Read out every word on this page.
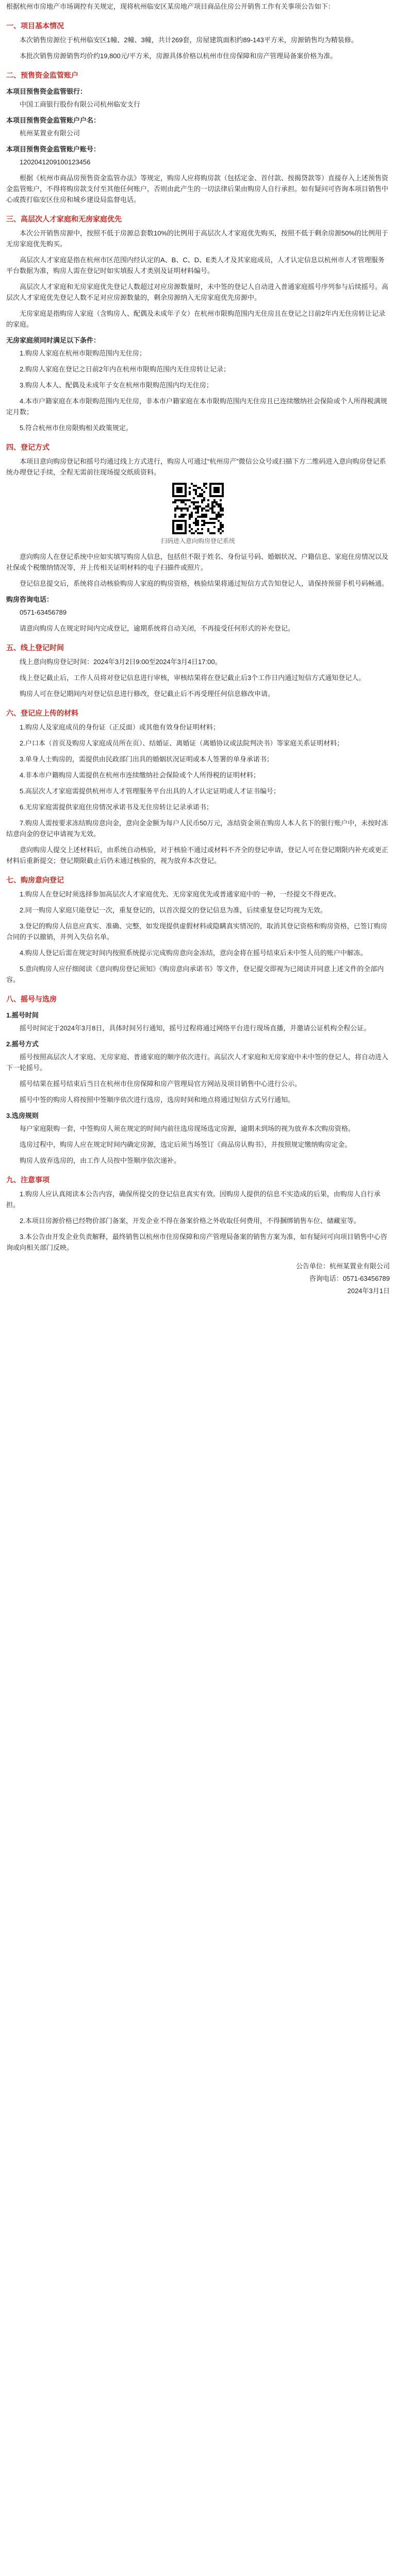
根据杭州市房地产市场调控有关规定，现将杭州临安区某房地产项目商品住房公开销售工作有关事项公告如下：

一、项目基本情况

本次销售房源位于杭州临安区1幢、2幢、3幢，共计269套，房屋建筑面积约89-143平方米，房源销售均为精装修。

本批次销售房源销售均价约19,800元/平方米，房源具体价格以杭州市住房保障和房产管理局备案价格为准。

二、预售资金监管账户
本项目预售资金监管银行：

中国工商银行股份有限公司杭州临安支行

本项目预售资金监管账户户名：

杭州某置业有限公司

本项目预售资金监管账户账号：

1202041209100123456

根据《杭州市商品房预售资金监管办法》等规定，购房人应将购房款（包括定金、首付款、按揭贷款等）直接存入上述预售资金监管账户，不得将购房款支付至其他任何账户，否则由此产生的一切法律后果由购房人自行承担。如有疑问可咨询本项目销售中心或拨打临安区住房和城乡建设局监督电话。

三、高层次人才家庭和无房家庭优先

本次公开销售房源中，按照不低于房源总套数10%的比例用于高层次人才家庭优先购买，按照不低于剩余房源50%的比例用于无房家庭优先购买。

高层次人才家庭是指在杭州市区范围内经认定的A、B、C、D、E类人才及其家庭成员，人才认定信息以杭州市人才管理服务平台数据为准，购房人需在登记时如实填报人才类别及证明材料编号。

高层次人才家庭和无房家庭优先登记人数超过对应房源数量时，未中签的登记人自动进入普通家庭摇号序列参与后续摇号。高层次人才家庭优先登记人数不足对应房源数量的，剩余房源纳入无房家庭优先房源中。

无房家庭是指购房人家庭（含购房人、配偶及未成年子女）在杭州市限购范围内无住房且在登记之日前2年内无住房转让记录的家庭。

无房家庭须同时满足以下条件：

1.购房人家庭在杭州市限购范围内无住房；

2.购房人家庭在登记之日前2年内在杭州市限购范围内无住房转让记录；

3.购房人本人、配偶及未成年子女在杭州市限购范围内均无住房；

4.本市户籍家庭在本市限购范围内无住房，非本市户籍家庭在本市限购范围内无住房且已连续缴纳社会保险或个人所得税满规定月数；

5.符合杭州市住房限购相关政策规定。

四、登记方式

本项目意向购房登记和摇号均通过线上方式进行，购房人可通过“杭州房产”微信公众号或扫描下方二维码进入意向购房登记系统办理登记手续，全程无需前往现场提交纸质资料。

扫码进入意向购房登记系统

意向购房人在登记系统中应如实填写购房人信息，包括但不限于姓名、身份证号码、婚姻状况、户籍信息、家庭住房情况以及社保或个税缴纳情况等，并上传相关证明材料的电子扫描件或照片。

登记信息提交后，系统将自动核验购房人家庭的购房资格，核验结果将通过短信方式告知登记人，请保持预留手机号码畅通。

购房咨询电话：

0571-63456789

请意向购房人在规定时间内完成登记，逾期系统将自动关闭，不再接受任何形式的补充登记。

五、线上登记时间

线上意向购房登记时间：2024年3月2日9:00至2024年3月4日17:00。

线上登记截止后，工作人员将对登记信息进行审核，审核结果将在登记截止后3个工作日内通过短信方式通知登记人。

购房人可在登记期间内对登记信息进行修改，登记截止后不再受理任何信息修改申请。

六、登记应上传的材料

1.购房人及家庭成员的身份证（正反面）或其他有效身份证明材料；

2.户口本（首页及购房人家庭成员所在页）、结婚证、离婚证（离婚协议或法院判决书）等家庭关系证明材料；

3.单身人士购房的，需提供由民政部门出具的婚姻状况证明或本人签署的单身承诺书；

4.非本市户籍购房人需提供在杭州市连续缴纳社会保险或个人所得税的证明材料；

5.高层次人才家庭需提供杭州市人才管理服务平台出具的人才认定证明或人才证书编号；

6.无房家庭需提供家庭住房情况承诺书及无住房转让记录承诺书；

7.购房人需按要求冻结购房意向金，意向金金额为每户人民币50万元，冻结资金须在购房人本人名下的银行账户中，未按时冻结意向金的登记申请视为无效。

意向购房人提交上述材料后，由系统自动核验，对于核验不通过或材料不齐全的登记申请，登记人可在登记期限内补充或更正材料后重新提交；登记期限截止后仍未通过核验的，视为放弃本次登记。

七、购房意向登记

1.购房人在登记时须选择参加高层次人才家庭优先、无房家庭优先或普通家庭中的一种，一经提交不得更改。

2.同一购房人家庭只能登记一次，重复登记的，以首次提交的登记信息为准，后续重复登记均视为无效。

3.登记的购房人信息应真实、准确、完整，如发现提供虚假材料或隐瞒真实情况的，取消其登记资格和购房资格，已签订购房合同的予以撤销，并列入失信名单。

4.购房人登记后需在规定时间内按照系统提示完成购房意向金冻结，意向金将在摇号结束后未中签人员的账户中解冻。

5.意向购房人应仔细阅读《意向购房登记须知》《购房意向承诺书》等文件，登记提交即视为已阅读并同意上述文件的全部内容。

八、摇号与选房
1.摇号时间

摇号时间定于2024年3月8日，具体时间另行通知，摇号过程将通过网络平台进行现场直播，并邀请公证机构全程公证。

2.摇号方式

摇号按照高层次人才家庭、无房家庭、普通家庭的顺序依次进行。高层次人才家庭和无房家庭中未中签的登记人，将自动进入下一轮摇号。

摇号结果在摇号结束后当日在杭州市住房保障和房产管理局官方网站及项目销售中心进行公示。

摇号中签的购房人将按照中签顺序依次进行选房，选房时间和地点将通过短信方式另行通知。

3.选房规则

每户家庭限购一套，中签购房人须在规定的时间内前往选房现场选定房源，逾期未到场的视为放弃本次购房资格。

选房过程中，购房人应在规定时间内确定房源，选定后须当场签订《商品房认购书》，并按照规定缴纳购房定金。

购房人放弃选房的，由工作人员按中签顺序依次递补。

九、注意事项

1.购房人应认真阅读本公告内容，确保所提交的登记信息真实有效。因购房人提供的信息不实造成的后果，由购房人自行承担。

2.本项目房源价格已经物价部门备案，开发企业不得在备案价格之外收取任何费用，不得捆绑销售车位、储藏室等。

3.本公告由开发企业负责解释，最终销售以杭州市住房保障和房产管理局备案的销售方案为准，如有疑问可向项目销售中心咨询或向相关部门反映。

公告单位：杭州某置业有限公司
咨询电话：0571-63456789
2024年3月1日
